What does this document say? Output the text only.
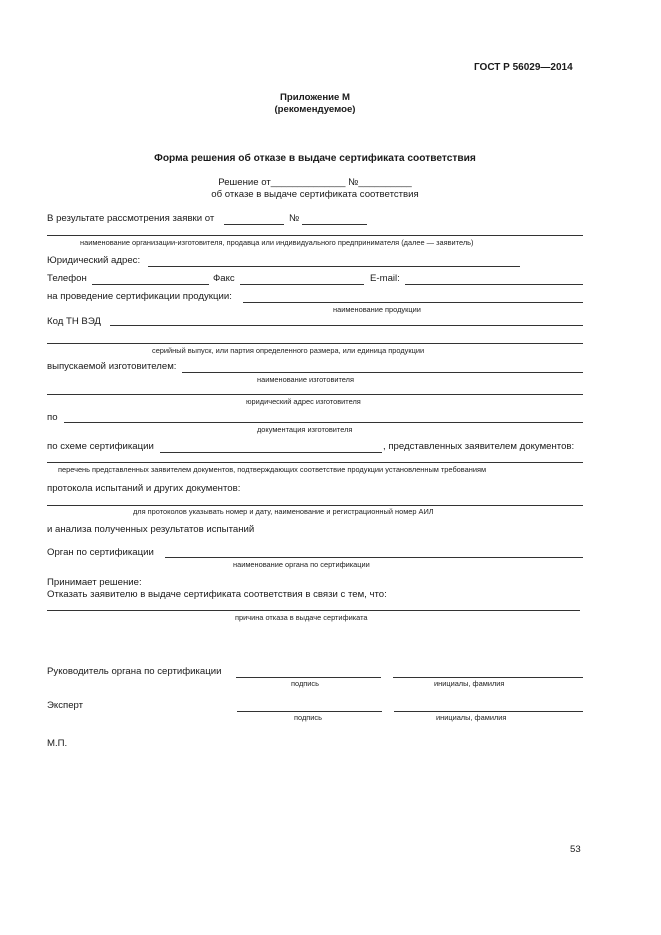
ГОСТ Р 56029—2014
Приложение М
(рекомендуемое)
Форма решения об отказе в выдаче сертификата соответствия
Решение от______________ №__________
об отказе в выдаче сертификата соответствия
В результате рассмотрения заявки от	№
наименование организации-изготовителя, продавца или индивидуального предпринимателя (далее — заявитель)
Юридический адрес:
Телефон	Факс	E-mail:
на проведение сертификации продукции:
наименование продукции
Код ТН ВЭД
серийный выпуск, или партия определенного размера, или единица продукции
выпускаемой изготовителем:
наименование изготовителя
юридический адрес изготовителя
по
документация изготовителя
по схеме сертификации	, представленных заявителем документов:
перечень представленных заявителем документов, подтверждающих соответствие продукции установленным требованиям
протокола испытаний и других документов:
для протоколов указывать номер и дату, наименование и регистрационный номер АИЛ
и анализа полученных результатов испытаний
Орган по сертификации
наименование органа по сертификации
Принимает решение:
Отказать заявителю в выдаче сертификата соответствия в связи с тем, что:
причина отказа в выдаче сертификата
Руководитель органа по сертификации
подпись	инициалы, фамилия
Эксперт
подпись	инициалы, фамилия
М.П.
53
